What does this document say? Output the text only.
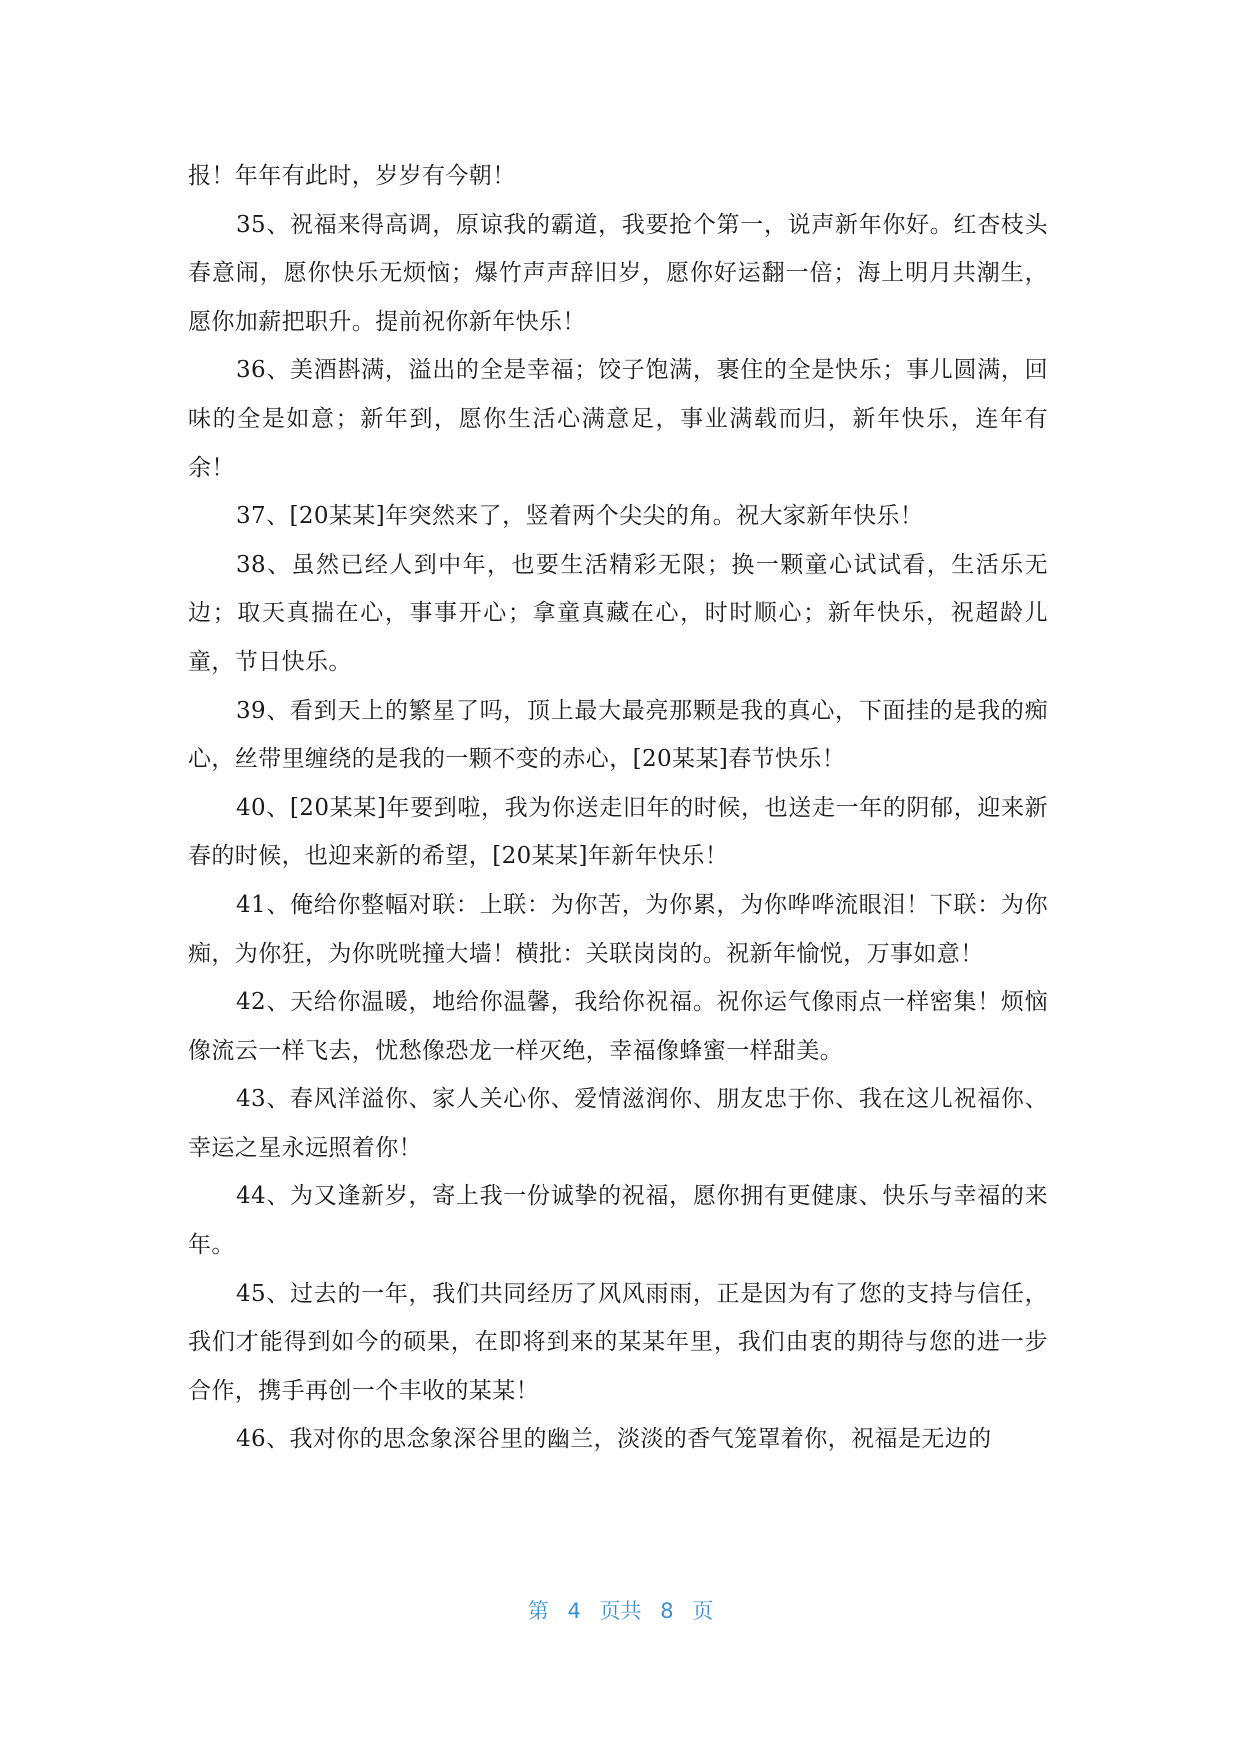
报！年年有此时，岁岁有今朝！

35、祝福来得高调，原谅我的霸道，我要抢个第一，说声新年你好。红杏枝头春意闹，愿你快乐无烦恼；爆竹声声辞旧岁，愿你好运翻一倍；海上明月共潮生，愿你加薪把职升。提前祝你新年快乐！

36、美酒斟满，溢出的全是幸福；饺子饱满，裹住的全是快乐；事儿圆满，回味的全是如意；新年到，愿你生活心满意足，事业满载而归，新年快乐，连年有余！

37、[20某某]年突然来了，竖着两个尖尖的角。祝大家新年快乐！

38、虽然已经人到中年，也要生活精彩无限；换一颗童心试试看，生活乐无边；取天真揣在心，事事开心；拿童真藏在心，时时顺心；新年快乐，祝超龄儿童，节日快乐。

39、看到天上的繁星了吗，顶上最大最亮那颗是我的真心，下面挂的是我的痴心，丝带里缠绕的是我的一颗不变的赤心，[20某某]春节快乐！

40、[20某某]年要到啦，我为你送走旧年的时候，也送走一年的阴郁，迎来新春的时候，也迎来新的希望，[20某某]年新年快乐！

41、俺给你整幅对联：上联：为你苦，为你累，为你哗哗流眼泪！下联：为你痴，为你狂，为你咣咣撞大墙！横批：关联岗岗的。祝新年愉悦，万事如意！

42、天给你温暖，地给你温馨，我给你祝福。祝你运气像雨点一样密集！烦恼像流云一样飞去，忧愁像恐龙一样灭绝，幸福像蜂蜜一样甜美。

43、春风洋溢你、家人关心你、爱情滋润你、朋友忠于你、我在这儿祝福你、幸运之星永远照着你！

44、为又逢新岁，寄上我一份诚挚的祝福，愿你拥有更健康、快乐与幸福的来年。

45、过去的一年，我们共同经历了风风雨雨，正是因为有了您的支持与信任，我们才能得到如今的硕果，在即将到来的某某年里，我们由衷的期待与您的进一步合作，携手再创一个丰收的某某！

46、我对你的思念象深谷里的幽兰，淡淡的香气笼罩着你，祝福是无边的

第 4 页共 8 页
